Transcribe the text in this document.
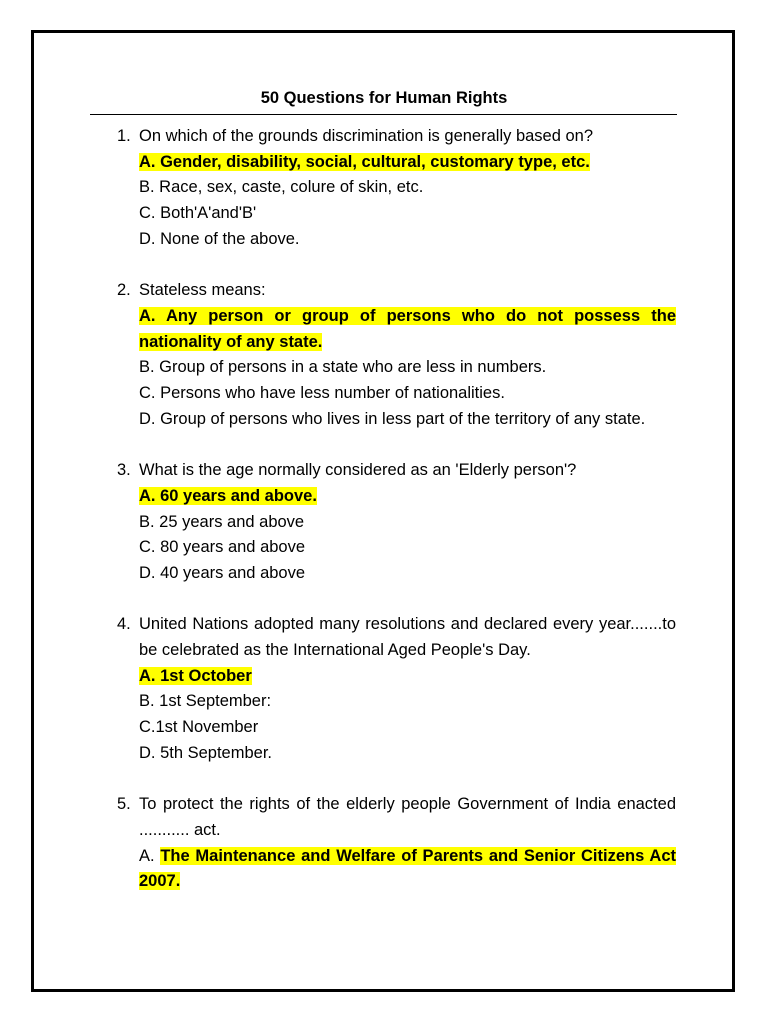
50 Questions for Human Rights
1. On which of the grounds discrimination is generally based on?
A. Gender, disability, social, cultural, customary type, etc.
B. Race, sex, caste, colure of skin, etc.
C. Both'A'and'B'
D. None of the above.
2. Stateless means:
A. Any person or group of persons who do not possess the nationality of any state.
B. Group of persons in a state who are less in numbers.
C. Persons who have less number of nationalities.
D. Group of persons who lives in less part of the territory of any state.
3. What is the age normally considered as an 'Elderly person'?
A. 60 years and above.
B. 25 years and above
C. 80 years and above
D. 40 years and above
4. United Nations adopted many resolutions and declared every year.......to be celebrated as the International Aged People's Day.
A. 1st October
B. 1st September:
C.1st November
D. 5th September.
5. To protect the rights of the elderly people Government of India enacted ........... act.
A. The Maintenance and Welfare of Parents and Senior Citizens Act 2007.
